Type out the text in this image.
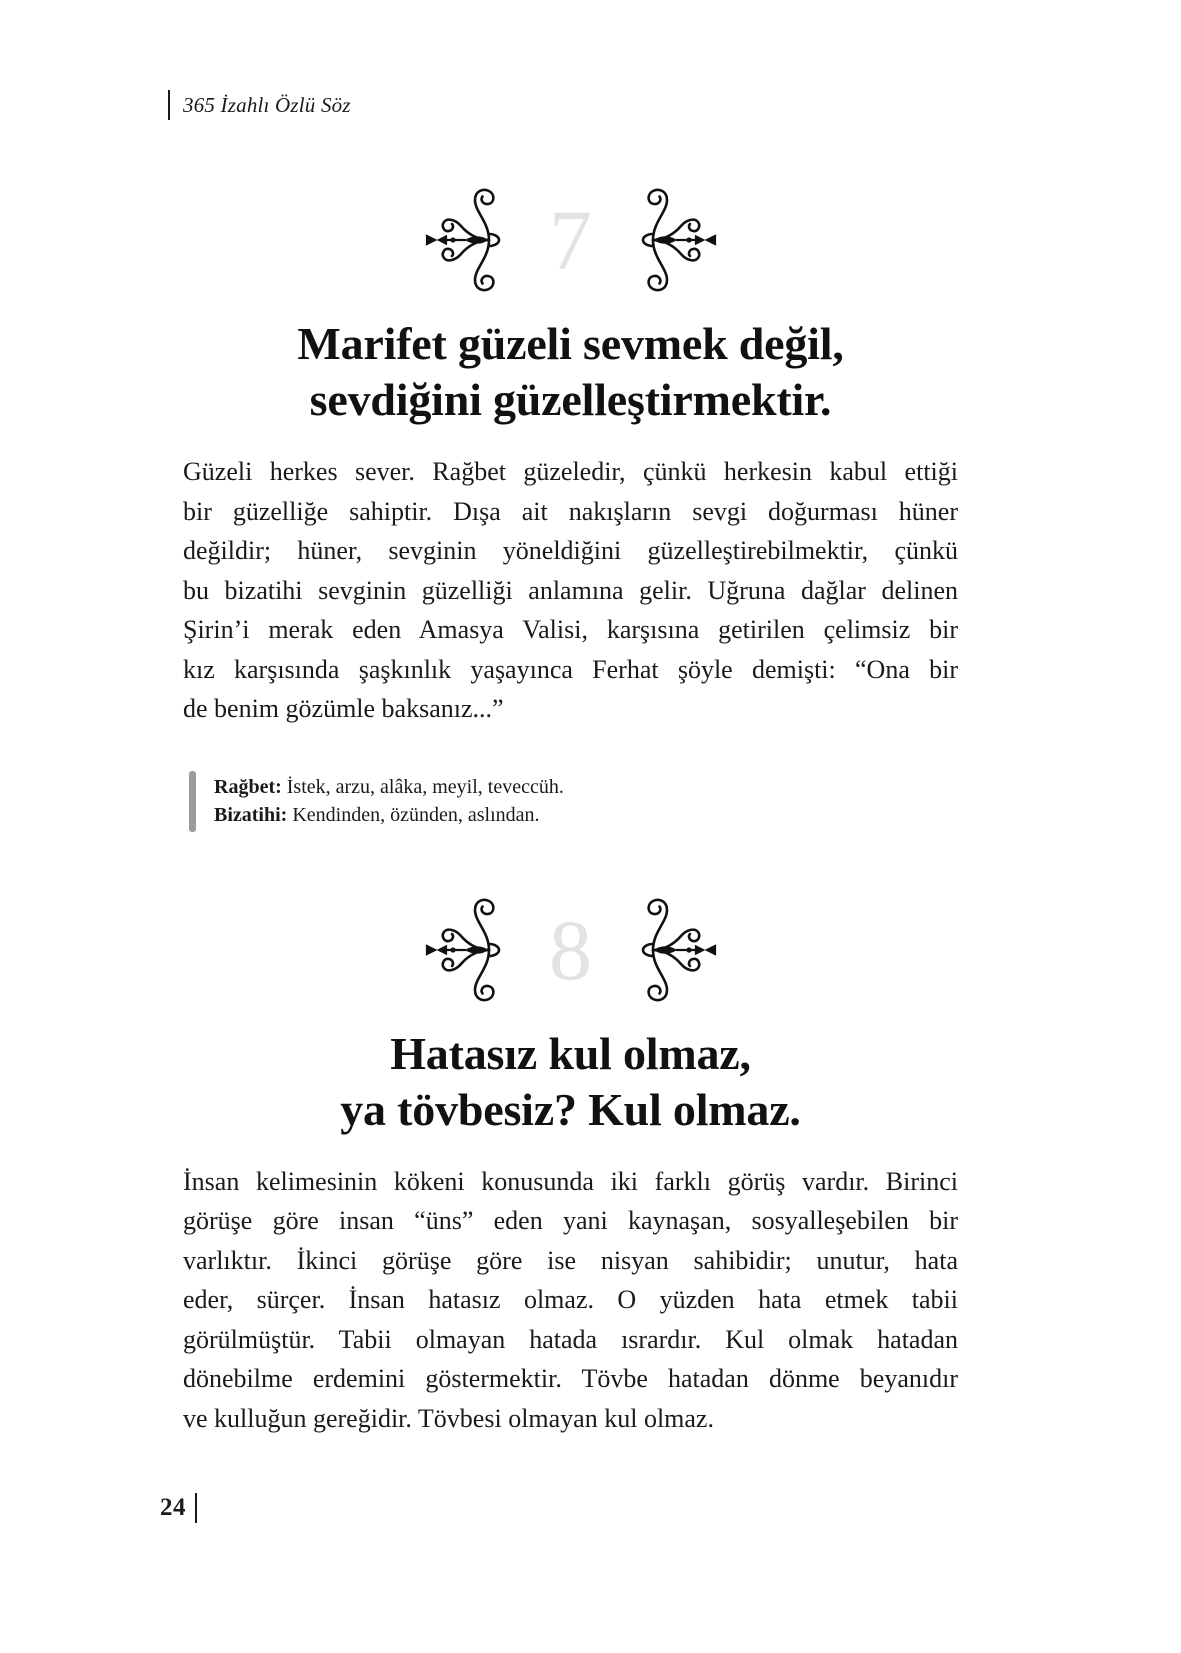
365 İzahlı Özlü Söz
7
Marifet güzeli sevmek değil,
sevdiğini güzelleştirmektir.
Güzeli herkes sever. Rağbet güzeledir, çünkü herkesin kabul ettiği
bir güzelliğe sahiptir. Dışa ait nakışların sevgi doğurması hüner
değildir; hüner, sevginin yöneldiğini güzelleştirebilmektir, çünkü
bu bizatihi sevginin güzelliği anlamına gelir. Uğruna dağlar delinen
Şirin’i merak eden Amasya Valisi, karşısına getirilen çelimsiz bir
kız karşısında şaşkınlık yaşayınca Ferhat şöyle demişti: “Ona bir
de benim gözümle baksanız...”
Rağbet: İstek, arzu, alâka, meyil, teveccüh.
Bizatihi: Kendinden, özünden, aslından.
8
Hatasız kul olmaz,
ya tövbesiz? Kul olmaz.
İnsan kelimesinin kökeni konusunda iki farklı görüş vardır. Birinci
görüşe göre insan “üns” eden yani kaynaşan, sosyalleşebilen bir
varlıktır. İkinci görüşe göre ise nisyan sahibidir; unutur, hata
eder, sürçer. İnsan hatasız olmaz. O yüzden hata etmek tabii
görülmüştür. Tabii olmayan hatada ısrardır. Kul olmak hatadan
dönebilme erdemini göstermektir. Tövbe hatadan dönme beyanıdır
ve kulluğun gereğidir. Tövbesi olmayan kul olmaz.
24
